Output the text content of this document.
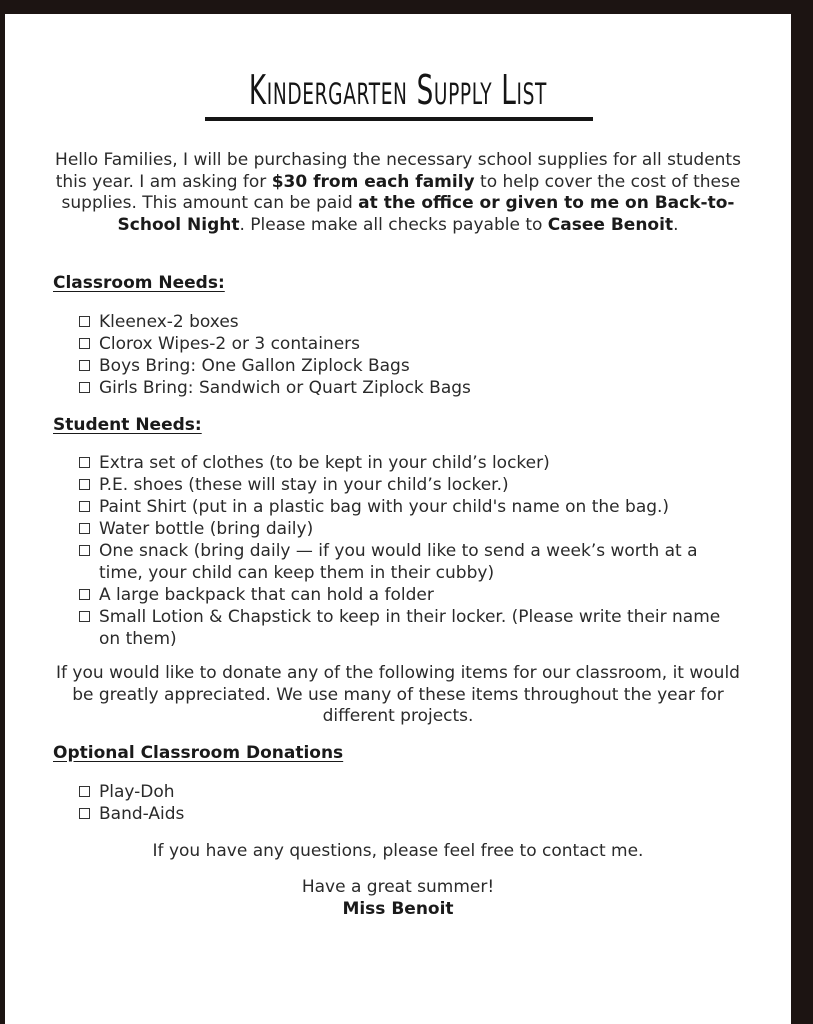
Kindergarten Supply List
Hello Families, I will be purchasing the necessary school supplies for all students this year. I am asking for $30 from each family to help cover the cost of these supplies. This amount can be paid at the office or given to me on Back-to-School Night. Please make all checks payable to Casee Benoit.
Classroom Needs:
Kleenex-2 boxes
Clorox Wipes-2 or 3 containers
Boys Bring: One Gallon Ziplock Bags
Girls Bring: Sandwich or Quart Ziplock Bags
Student Needs:
Extra set of clothes (to be kept in your child’s locker)
P.E. shoes (these will stay in your child’s locker.)
Paint Shirt (put in a plastic bag with your child's name on the bag.)
Water bottle (bring daily)
One snack (bring daily — if you would like to send a week’s worth at a time, your child can keep them in their cubby)
A large backpack that can hold a folder
Small Lotion & Chapstick to keep in their locker. (Please write their name on them)
If you would like to donate any of the following items for our classroom, it would be greatly appreciated. We use many of these items throughout the year for different projects.
Optional Classroom Donations
Play-Doh
Band-Aids
If you have any questions, please feel free to contact me.
Have a great summer!
Miss Benoit
